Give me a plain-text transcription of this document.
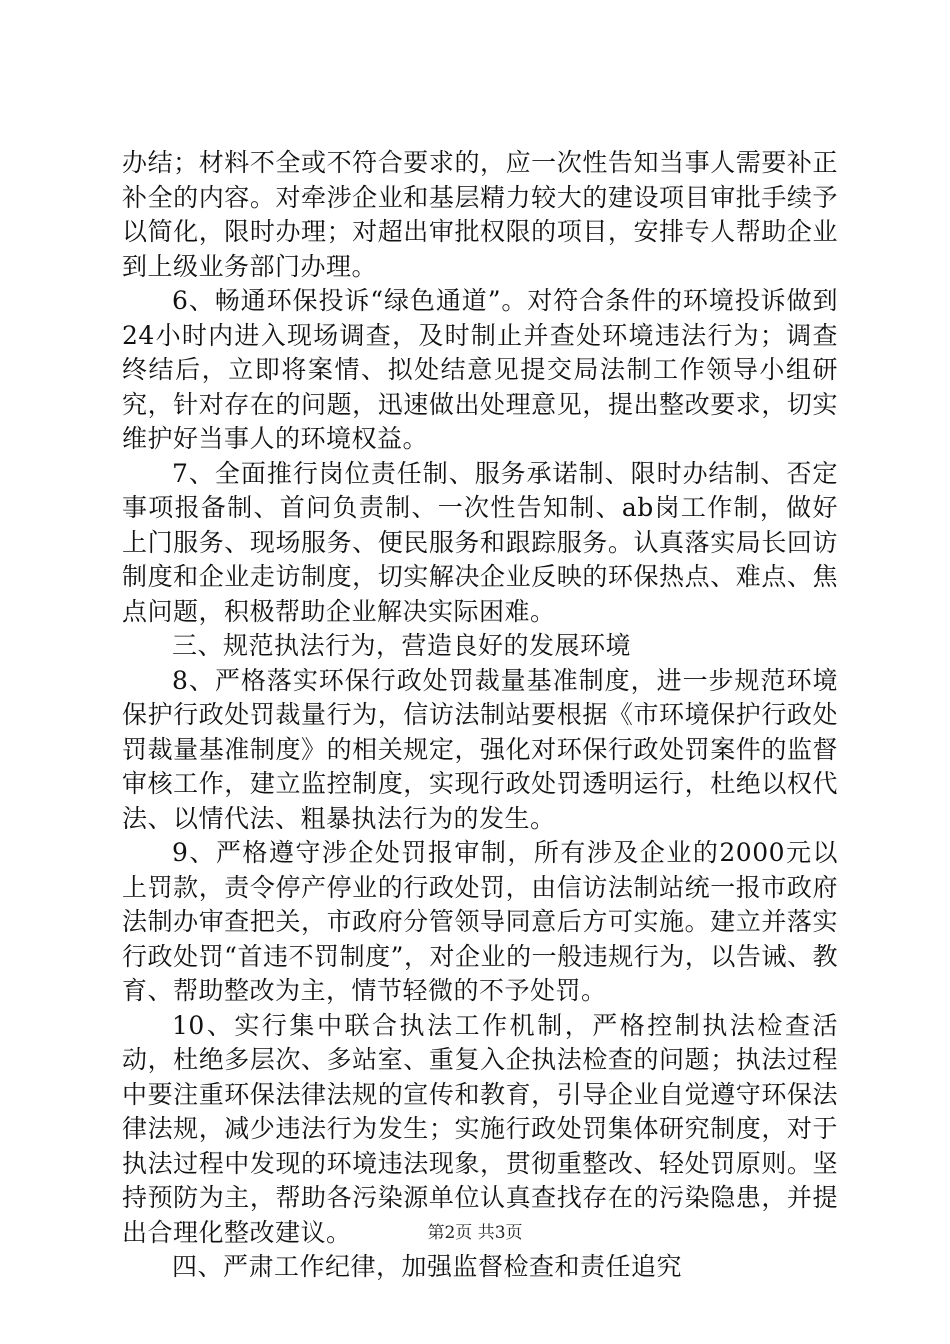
办结；材料不全或不符合要求的，应一次性告知当事人需要补正补全的内容。对牵涉企业和基层精力较大的建设项目审批手续予以简化，限时办理；对超出审批权限的项目，安排专人帮助企业到上级业务部门办理。

6、畅通环保投诉“绿色通道”。对符合条件的环境投诉做到24小时内进入现场调查，及时制止并查处环境违法行为；调查终结后，立即将案情、拟处结意见提交局法制工作领导小组研究，针对存在的问题，迅速做出处理意见，提出整改要求，切实维护好当事人的环境权益。

7、全面推行岗位责任制、服务承诺制、限时办结制、否定事项报备制、首问负责制、一次性告知制、ab岗工作制，做好上门服务、现场服务、便民服务和跟踪服务。认真落实局长回访制度和企业走访制度，切实解决企业反映的环保热点、难点、焦点问题，积极帮助企业解决实际困难。

三、规范执法行为，营造良好的发展环境

8、严格落实环保行政处罚裁量基准制度，进一步规范环境保护行政处罚裁量行为，信访法制站要根据《市环境保护行政处罚裁量基准制度》的相关规定，强化对环保行政处罚案件的监督审核工作，建立监控制度，实现行政处罚透明运行，杜绝以权代法、以情代法、粗暴执法行为的发生。

9、严格遵守涉企处罚报审制，所有涉及企业的2000元以上罚款，责令停产停业的行政处罚，由信访法制站统一报市政府法制办审查把关，市政府分管领导同意后方可实施。建立并落实行政处罚“首违不罚制度”，对企业的一般违规行为，以告诫、教育、帮助整改为主，情节轻微的不予处罚。

10、实行集中联合执法工作机制，严格控制执法检查活动，杜绝多层次、多站室、重复入企执法检查的问题；执法过程中要注重环保法律法规的宣传和教育，引导企业自觉遵守环保法律法规，减少违法行为发生；实施行政处罚集体研究制度，对于执法过程中发现的环境违法现象，贯彻重整改、轻处罚原则。坚持预防为主，帮助各污染源单位认真查找存在的污染隐患，并提出合理化整改建议。

四、严肃工作纪律，加强监督检查和责任追究

第2页 共3页
